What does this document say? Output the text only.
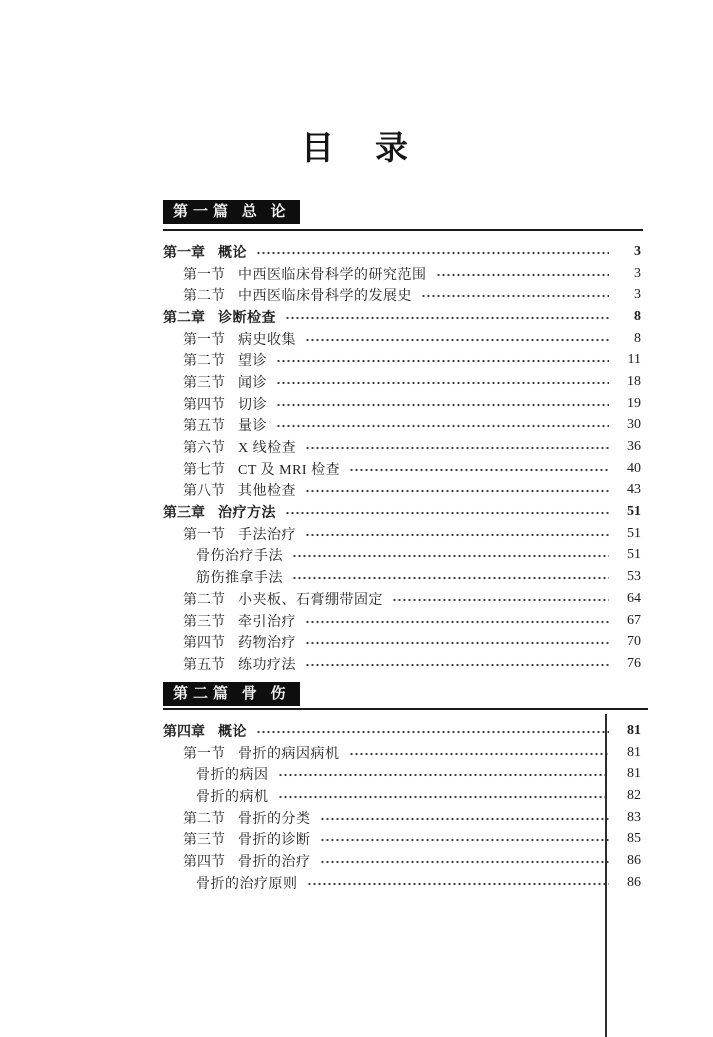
目　录
第一篇 总 论
第一章 概论	3
第一节 中西医临床骨科学的研究范围	3
第二节 中西医临床骨科学的发展史	3
第二章 诊断检查	8
第一节 病史收集	8
第二节 望诊	11
第三节 闻诊	18
第四节 切诊	19
第五节 量诊	30
第六节 X 线检查	36
第七节 CT 及 MRI 检查	40
第八节 其他检查	43
第三章 治疗方法	51
第一节 手法治疗	51
骨伤治疗手法	51
筋伤推拿手法	53
第二节 小夹板、石膏绷带固定	64
第三节 牵引治疗	67
第四节 药物治疗	70
第五节 练功疗法	76
第二篇 骨 伤
第四章 概论	81
第一节 骨折的病因病机	81
骨折的病因	81
骨折的病机	82
第二节 骨折的分类	83
第三节 骨折的诊断	85
第四节 骨折的治疗	86
骨折的治疗原则	86
